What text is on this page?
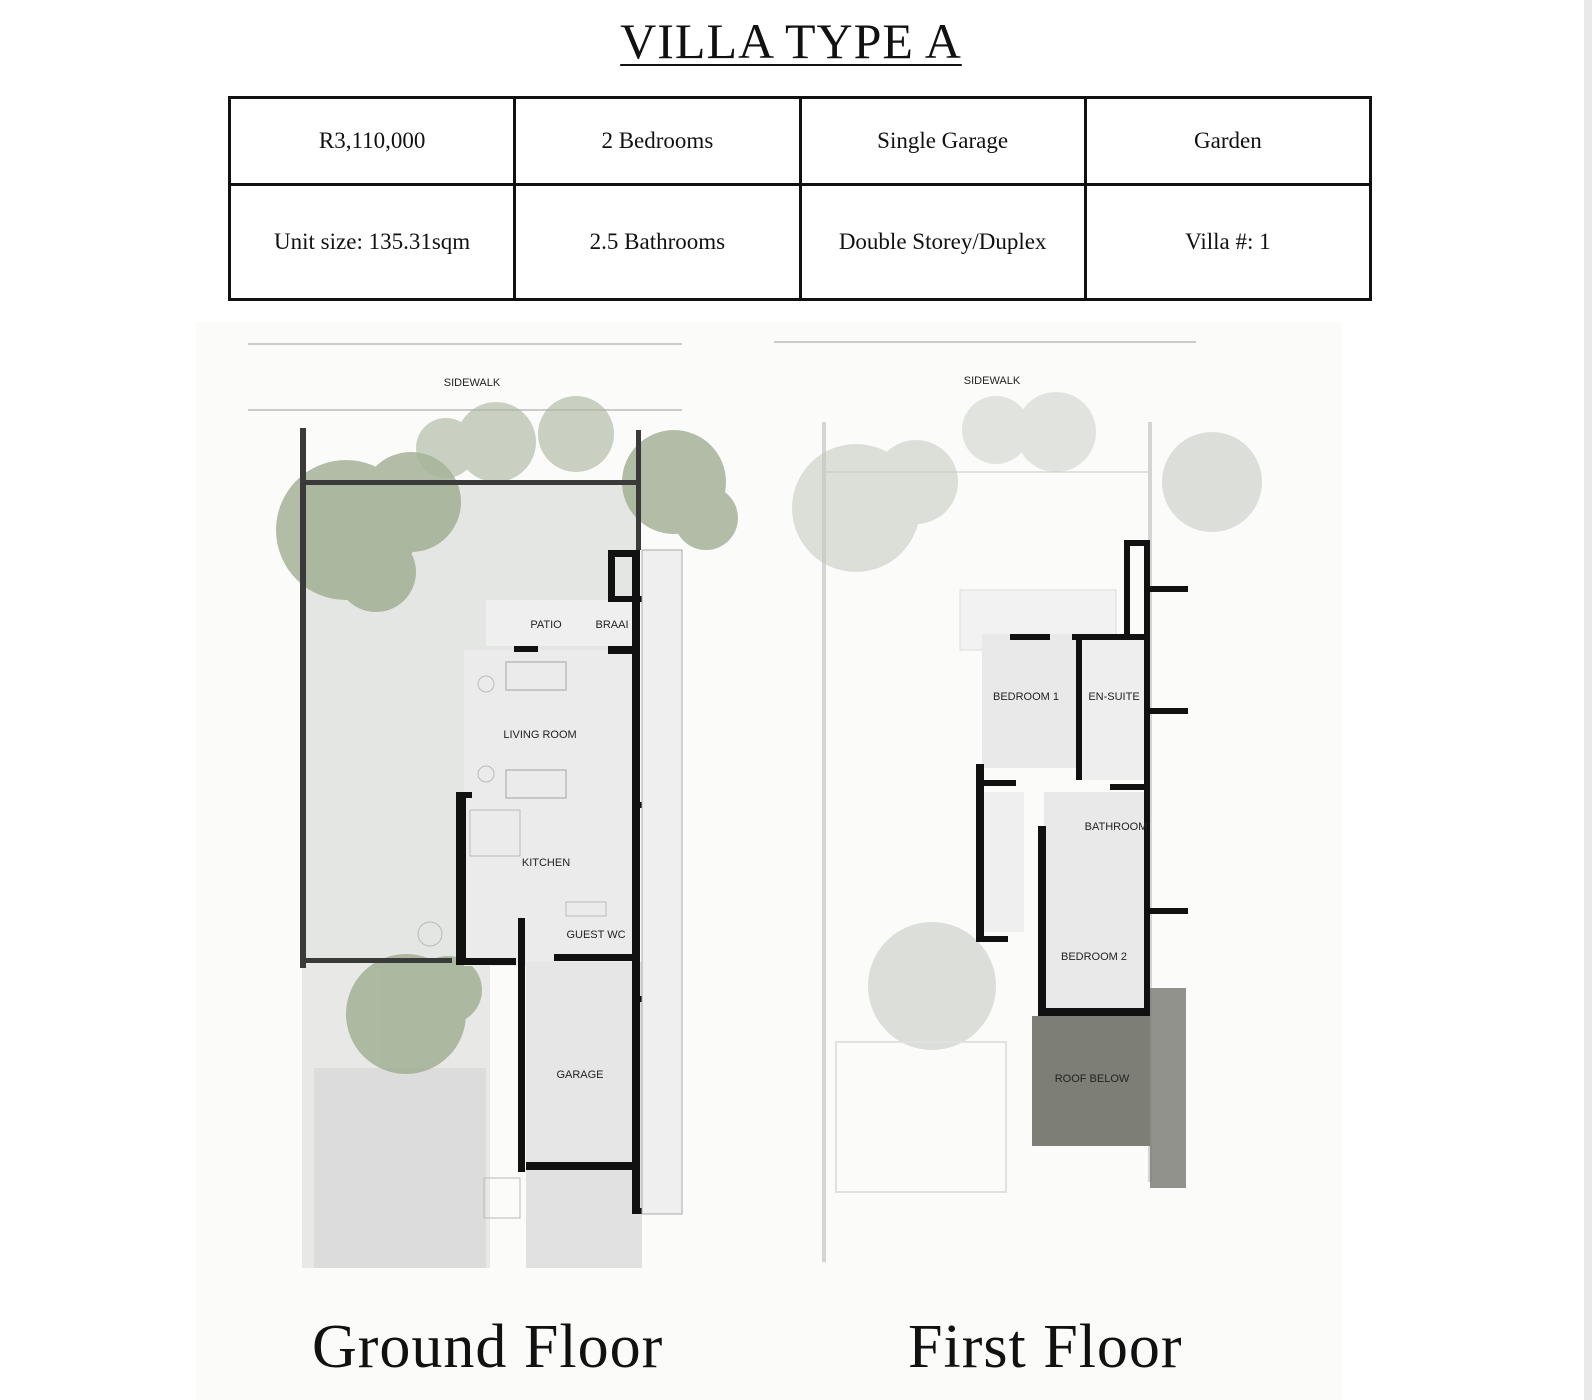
VILLA TYPE A
R3,110,000	2 Bedrooms	Single Garage	Garden
Unit size: 135.31sqm	2.5 Bathrooms	Double Storey/Duplex	Villa #: 1
SIDEWALK
PATIO	BRAAI
LIVING ROOM
KITCHEN
GUEST WC
GARAGE
SIDEWALK
BEDROOM 1	EN-SUITE
BATHROOM
BEDROOM 2
ROOF BELOW
Ground Floor	First Floor
